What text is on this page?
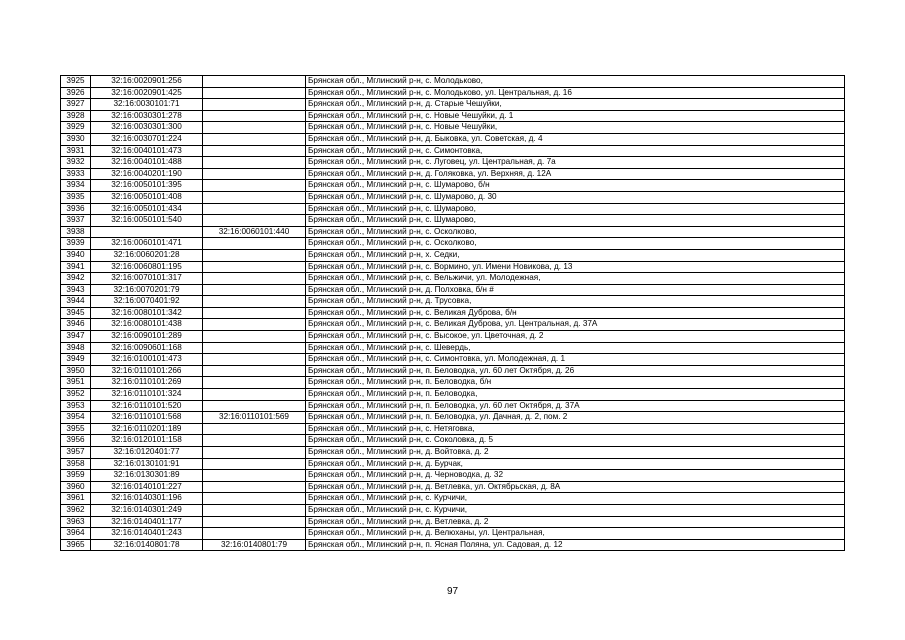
3925	32:16:0020901:256		Брянская обл., Мглинский р-н, с. Молодьково,
3926	32:16:0020901:425		Брянская обл., Мглинский р-н, с. Молодьково, ул. Центральная, д. 16
3927	32:16:0030101:71		Брянская обл., Мглинский р-н, д. Старые Чешуйки,
3928	32:16:0030301:278		Брянская обл., Мглинский р-н, с. Новые Чешуйки, д. 1
3929	32:16:0030301:300		Брянская обл., Мглинский р-н, с. Новые Чешуйки,
3930	32:16:0030701:224		Брянская обл., Мглинский р-н, д. Быковка, ул. Советская, д. 4
3931	32:16:0040101:473		Брянская обл., Мглинский р-н, с. Симонтовка,
3932	32:16:0040101:488		Брянская обл., Мглинский р-н, с. Луговец, ул. Центральная, д. 7а
3933	32:16:0040201:190		Брянская обл., Мглинский р-н, д. Голяковка, ул. Верхняя, д. 12А
3934	32:16:0050101:395		Брянская обл., Мглинский р-н, с. Шумарово, б/н
3935	32:16:0050101:408		Брянская обл., Мглинский р-н, с. Шумарово, д. 30
3936	32:16:0050101:434		Брянская обл., Мглинский р-н, с. Шумарово,
3937	32:16:0050101:540		Брянская обл., Мглинский р-н, с. Шумарово,
3938		32:16:0060101:440	Брянская обл., Мглинский р-н, с. Осколково,
3939	32:16:0060101:471		Брянская обл., Мглинский р-н, с. Осколково,
3940	32:16:0060201:28		Брянская обл., Мглинский р-н, х. Седки,
3941	32:16:0060801:195		Брянская обл., Мглинский р-н, с. Вормино, ул. Имени Новикова, д. 13
3942	32:16:0070101:317		Брянская обл., Мглинский р-н, с. Вельжичи, ул. Молодежная,
3943	32:16:0070201:79		Брянская обл., Мглинский р-н, д. Полховка, б/н #
3944	32:16:0070401:92		Брянская обл., Мглинский р-н, д. Трусовка,
3945	32:16:0080101:342		Брянская обл., Мглинский р-н, с. Великая Дуброва, б/н
3946	32:16:0080101:438		Брянская обл., Мглинский р-н, с. Великая Дуброва, ул. Центральная, д. 37А
3947	32:16:0090101:289		Брянская обл., Мглинский р-н, с. Высокое, ул. Цветочная, д. 2
3948	32:16:0090601:168		Брянская обл., Мглинский р-н, с. Шевердь,
3949	32:16:0100101:473		Брянская обл., Мглинский р-н, с. Симонтовка, ул. Молодежная, д. 1
3950	32:16:0110101:266		Брянская обл., Мглинский р-н, п. Беловодка, ул. 60 лет Октября, д. 26
3951	32:16:0110101:269		Брянская обл., Мглинский р-н, п. Беловодка, б/н
3952	32:16:0110101:324		Брянская обл., Мглинский р-н, п. Беловодка,
3953	32:16:0110101:520		Брянская обл., Мглинский р-н, п. Беловодка, ул. 60 лет Октября, д. 37А
3954	32:16:0110101:568	32:16:0110101:569	Брянская обл., Мглинский р-н, п. Беловодка, ул. Дачная, д. 2, пом. 2
3955	32:16:0110201:189		Брянская обл., Мглинский р-н, с. Нетяговка,
3956	32:16:0120101:158		Брянская обл., Мглинский р-н, с. Соколовка, д. 5
3957	32:16:0120401:77		Брянская обл., Мглинский р-н, д. Войтовка, д. 2
3958	32:16:0130101:91		Брянская обл., Мглинский р-н, д. Бурчак,
3959	32:16:0130301:89		Брянская обл., Мглинский р-н, д. Черноводка, д. 32
3960	32:16:0140101:227		Брянская обл., Мглинский р-н, д. Ветлевка, ул. Октябрьская, д. 8А
3961	32:16:0140301:196		Брянская обл., Мглинский р-н, с. Курчичи,
3962	32:16:0140301:249		Брянская обл., Мглинский р-н, с. Курчичи,
3963	32:16:0140401:177		Брянская обл., Мглинский р-н, д. Ветлевка, д. 2
3964	32:16:0140401:243		Брянская обл., Мглинский р-н, д. Велюханы, ул. Центральная,
3965	32:16:0140801:78	32:16:0140801:79	Брянская обл., Мглинский р-н, п. Ясная Поляна, ул. Садовая, д. 12
97
